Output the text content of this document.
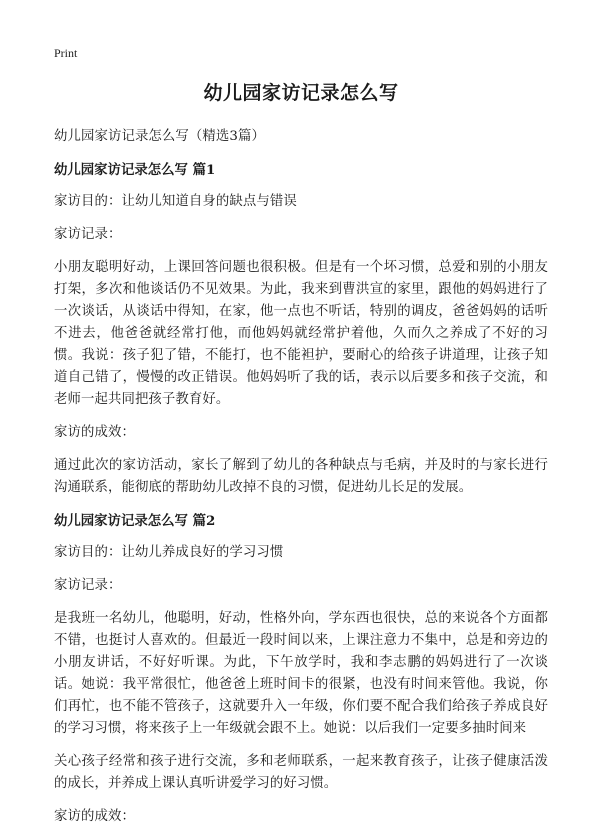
Print
幼儿园家访记录怎么写

幼儿园家访记录怎么写（精选3篇）

幼儿园家访记录怎么写 篇1

家访目的：让幼儿知道自身的缺点与错误

家访记录：

小朋友聪明好动，上课回答问题也很积极。但是有一个坏习惯，总爱和别的小朋友打架，多次和他谈话仍不见效果。为此，我来到曹洪宣的家里，跟他的妈妈进行了一次谈话，从谈话中得知，在家，他一点也不听话，特别的调皮，爸爸妈妈的话听不进去，他爸爸就经常打他，而他妈妈就经常护着他，久而久之养成了不好的习惯。我说：孩子犯了错，不能打，也不能袒护，要耐心的给孩子讲道理，让孩子知道自己错了，慢慢的改正错误。他妈妈听了我的话，表示以后要多和孩子交流，和老师一起共同把孩子教育好。

家访的成效：

通过此次的家访活动，家长了解到了幼儿的各种缺点与毛病，并及时的与家长进行沟通联系，能彻底的帮助幼儿改掉不良的习惯，促进幼儿长足的发展。

幼儿园家访记录怎么写 篇2

家访目的：让幼儿养成良好的学习习惯

家访记录：

是我班一名幼儿，他聪明，好动，性格外向，学东西也很快，总的来说各个方面都不错，也挺讨人喜欢的。但最近一段时间以来，上课注意力不集中，总是和旁边的小朋友讲话，不好好听课。为此，下午放学时，我和李志鹏的妈妈进行了一次谈话。她说：我平常很忙，他爸爸上班时间卡的很紧，也没有时间来管他。我说，你们再忙，也不能不管孩子，这就要升入一年级，你们要不配合我们给孩子养成良好的学习习惯，将来孩子上一年级就会跟不上。她说：以后我们一定要多抽时间来

关心孩子经常和孩子进行交流，多和老师联系，一起来教育孩子，让孩子健康活泼的成长，并养成上课认真听讲爱学习的好习惯。

家访的成效：
